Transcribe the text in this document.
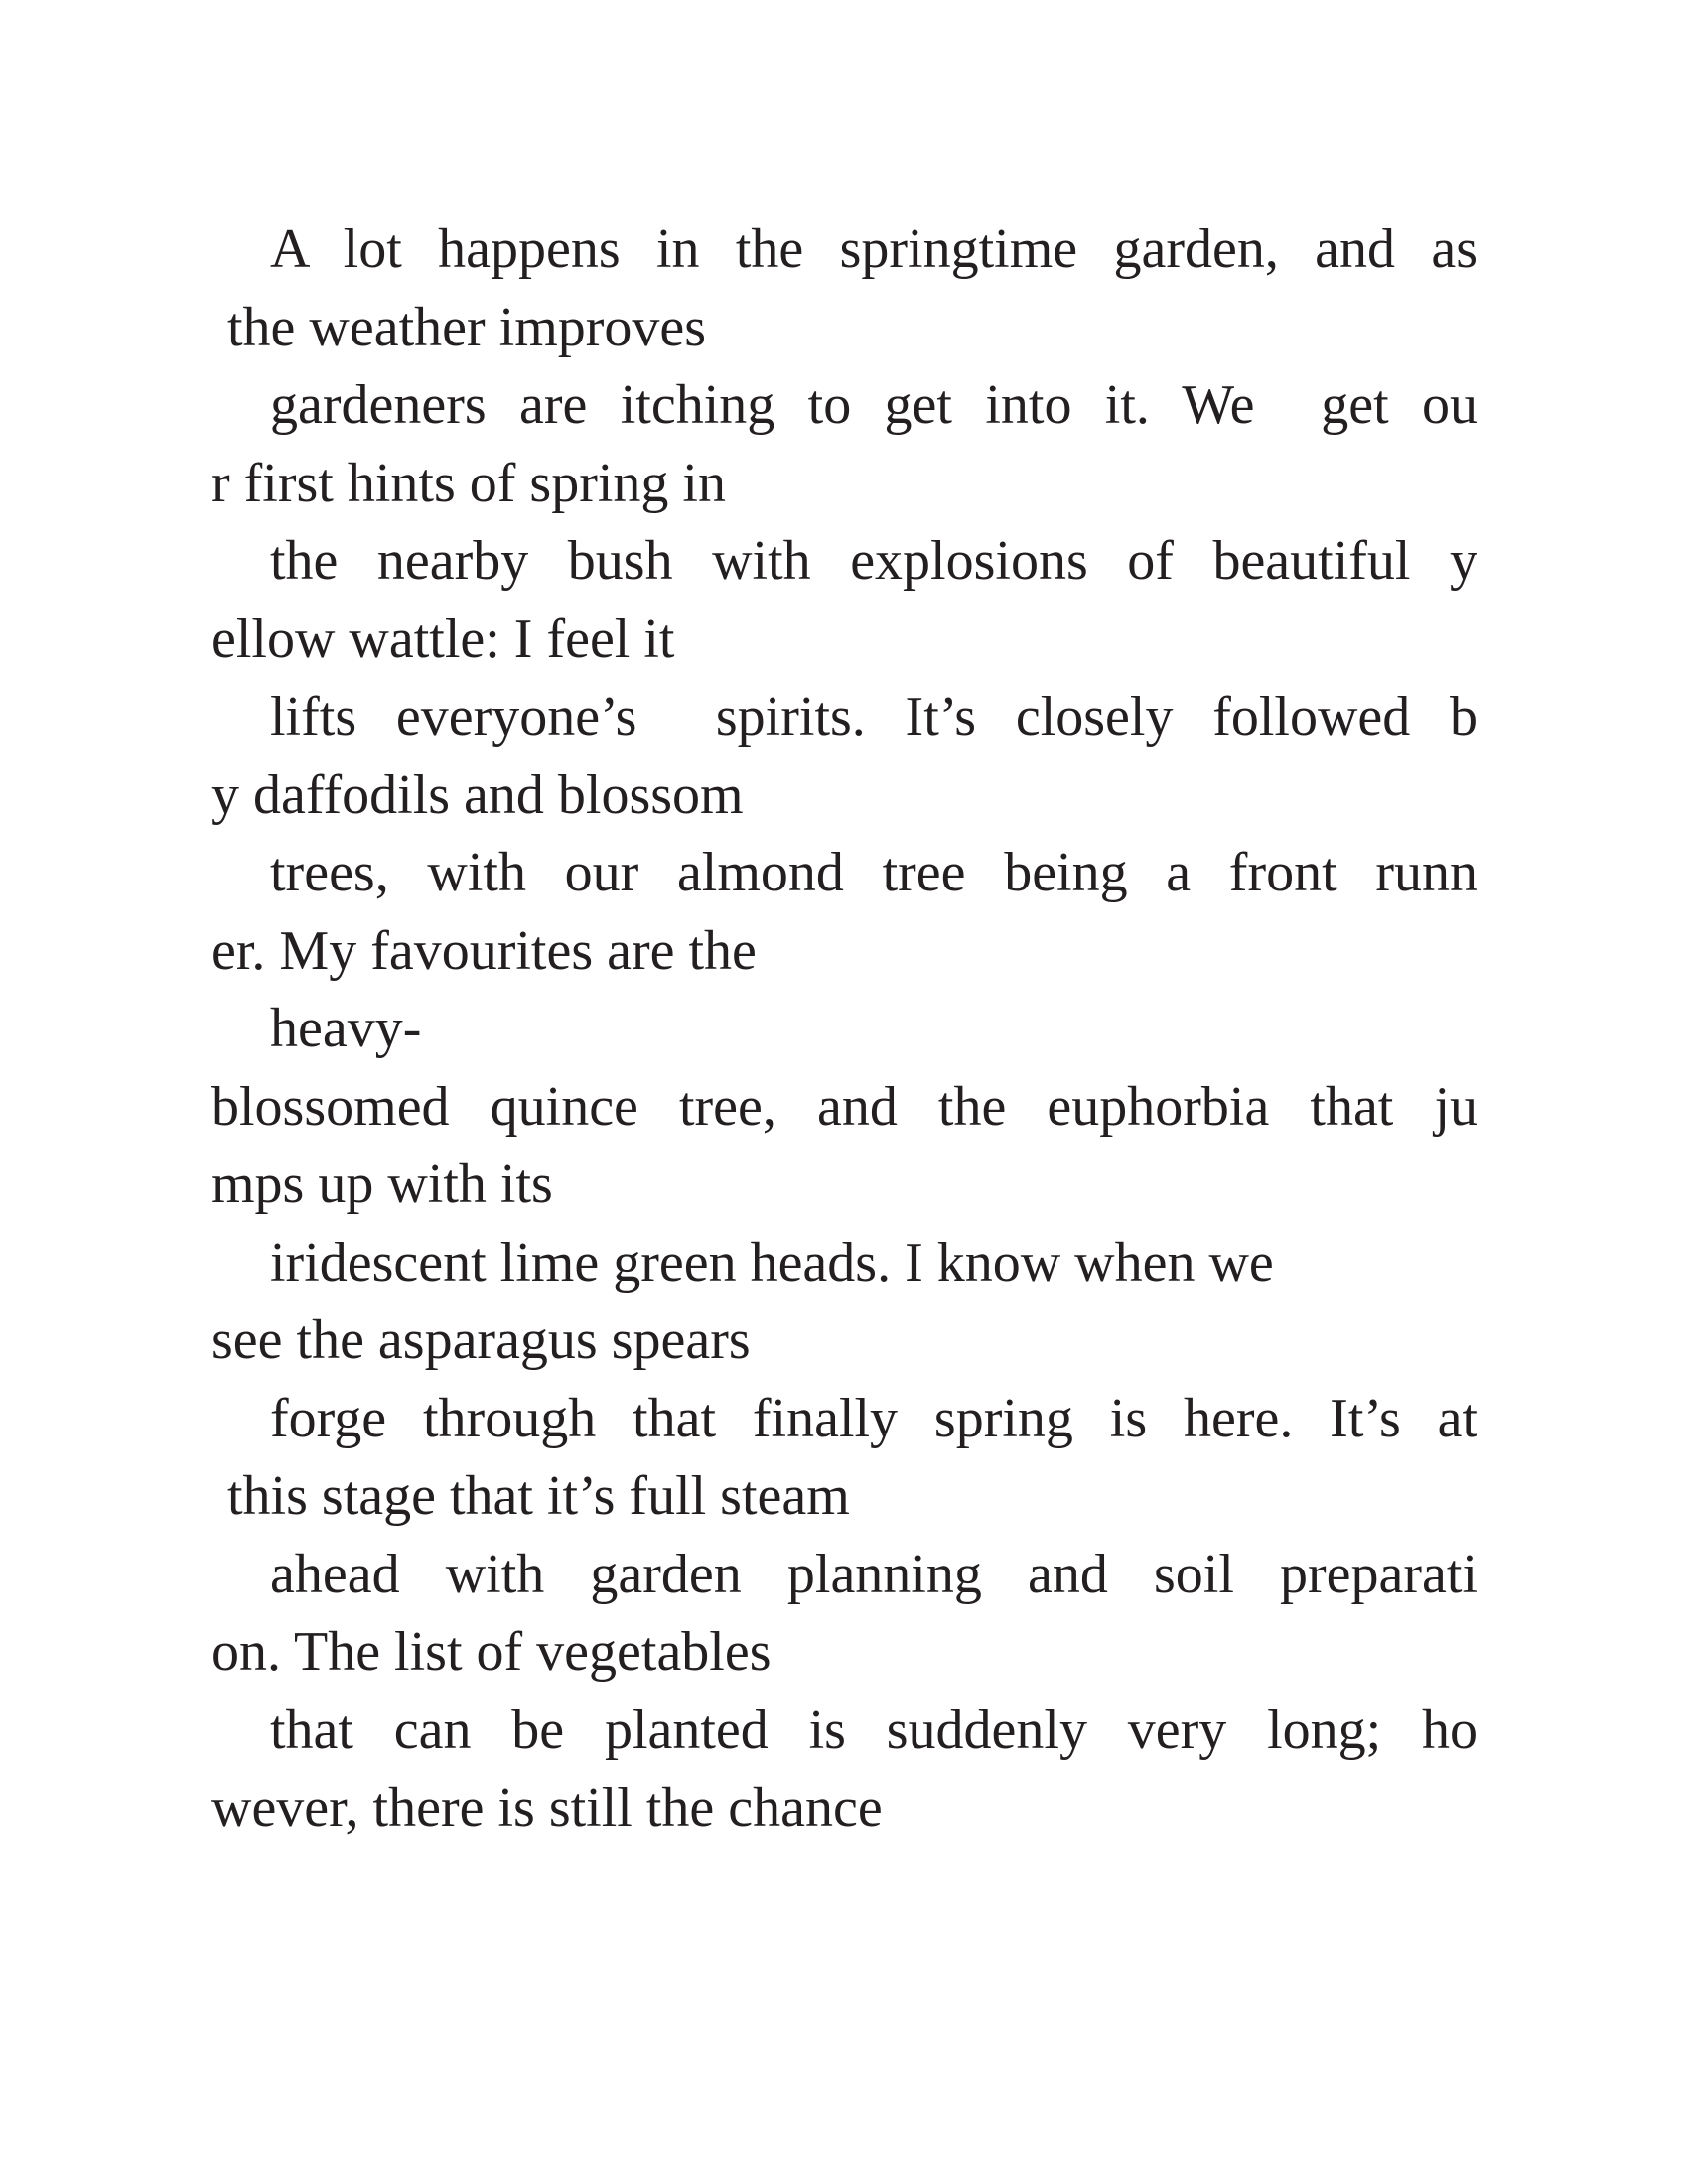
A lot happens in the springtime garden, and as
the weather improves
gardeners are itching to get into it. We  get ou
r first hints of spring in
the nearby bush with explosions of beautiful y
ellow wattle: I feel it
lifts everyone’s  spirits. It’s closely followed b
y daffodils and blossom
trees, with our almond tree being a front runn
er. My favourites are the
heavy-
blossomed quince tree, and the euphorbia that ju
mps up with its
iridescent lime green heads. I know when we
see the asparagus spears
forge through that finally spring is here. It’s at
this stage that it’s full steam
ahead with garden planning and soil preparati
on. The list of vegetables
that can be planted is suddenly very long; ho
wever, there is still the chance
